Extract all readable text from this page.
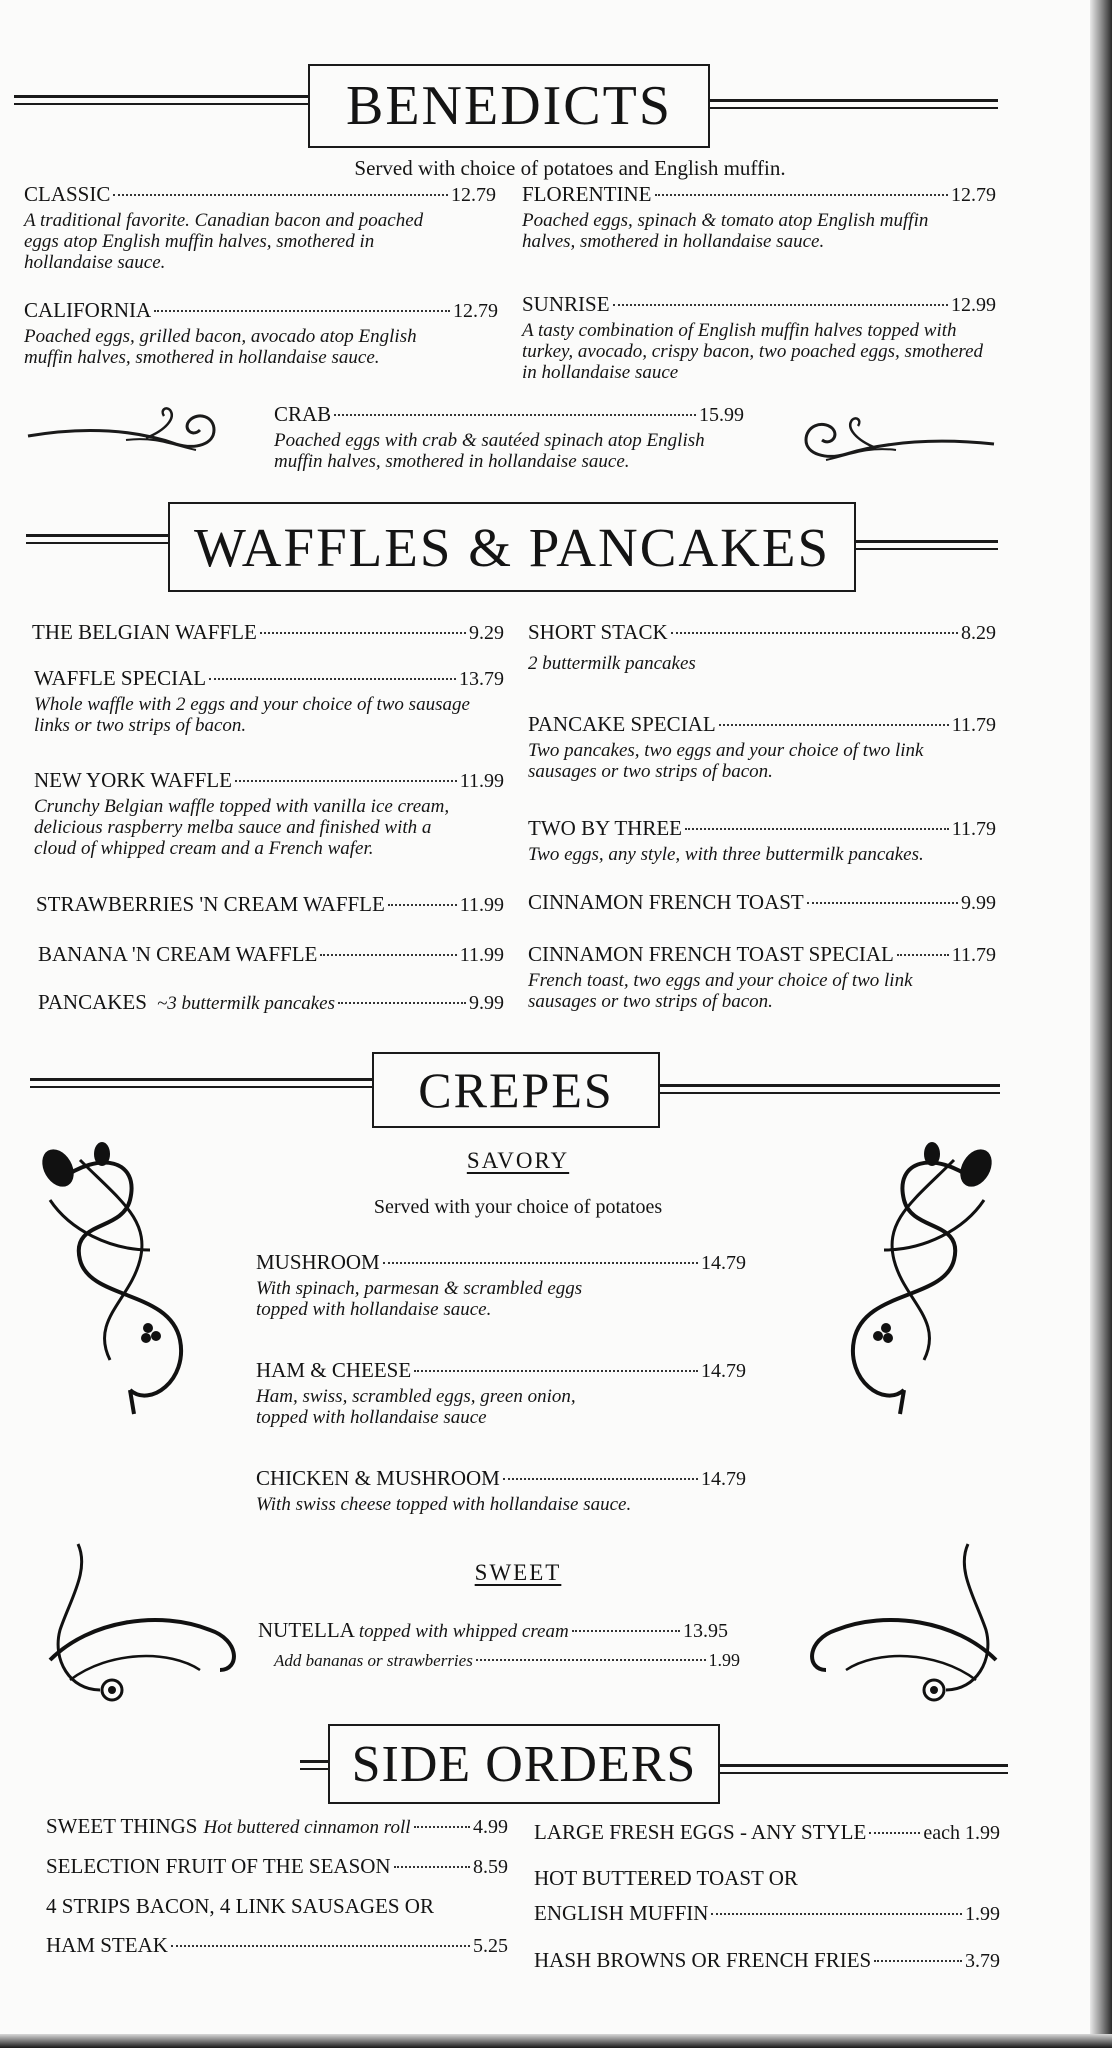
BENEDICTS
Served with choice of potatoes and English muffin.
CLASSIC	12.79
A traditional favorite. Canadian bacon and poached eggs atop English muffin halves, smothered in hollandaise sauce.
FLORENTINE	12.79
Poached eggs, spinach & tomato atop English muffin halves, smothered in hollandaise sauce.
CALIFORNIA	12.79
Poached eggs, grilled bacon, avocado atop English muffin halves, smothered in hollandaise sauce.
SUNRISE	12.99
A tasty combination of English muffin halves topped with turkey, avocado, crispy bacon, two poached eggs, smothered in hollandaise sauce
CRAB	15.99
Poached eggs with crab & sautéed spinach atop English muffin halves, smothered in hollandaise sauce.
WAFFLES & PANCAKES
THE BELGIAN WAFFLE	9.29
WAFFLE SPECIAL	13.79
Whole waffle with 2 eggs and your choice of two sausage links or two strips of bacon.
NEW YORK WAFFLE	11.99
Crunchy Belgian waffle topped with vanilla ice cream, delicious raspberry melba sauce and finished with a cloud of whipped cream and a French wafer.
STRAWBERRIES 'N CREAM WAFFLE	11.99
BANANA 'N CREAM WAFFLE	11.99
PANCAKES ~3 buttermilk pancakes	9.99
SHORT STACK	8.29
2 buttermilk pancakes
PANCAKE SPECIAL	11.79
Two pancakes, two eggs and your choice of two link sausages or two strips of bacon.
TWO BY THREE	11.79
Two eggs, any style, with three buttermilk pancakes.
CINNAMON FRENCH TOAST	9.99
CINNAMON FRENCH TOAST SPECIAL	11.79
French toast, two eggs and your choice of two link sausages or two strips of bacon.
CREPES
SAVORY
Served with your choice of potatoes
MUSHROOM	14.79
With spinach, parmesan & scrambled eggs topped with hollandaise sauce.
HAM & CHEESE	14.79
Ham, swiss, scrambled eggs, green onion, topped with hollandaise sauce
CHICKEN & MUSHROOM	14.79
With swiss cheese topped with hollandaise sauce.
SWEET
NUTELLA topped with whipped cream	13.95
Add bananas or strawberries	1.99
SIDE ORDERS
SWEET THINGS Hot buttered cinnamon roll	4.99
SELECTION FRUIT OF THE SEASON	8.59
4 STRIPS BACON, 4 LINK SAUSAGES OR
HAM STEAK	5.25
LARGE FRESH EGGS - ANY STYLE	each 1.99
HOT BUTTERED TOAST OR
ENGLISH MUFFIN	1.99
HASH BROWNS OR FRENCH FRIES	3.79
